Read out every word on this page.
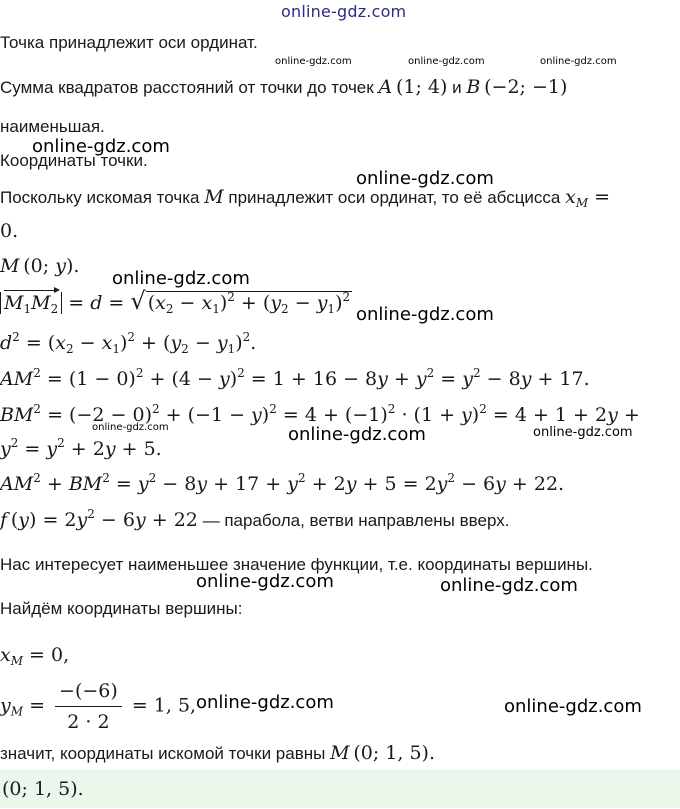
online-gdz.com
Точка принадлежит оси ординат.
online-gdz.com	online-gdz.com	online-gdz.com
Сумма квадратов расстояний от точки до точек A (1; 4) и B (−2; −1)
наименьшая.
Координаты точки.
online-gdz.com
online-gdz.com
Поскольку искомая точка M принадлежит оси ординат, то её абсцисса $x_M$ =
0.
M (0; y).
online-gdz.com
$M_1M_2 = d$ = √ $(x_2 - x_1)^2 + (y_2 - y_1)^2$
online-gdz.com
$d^2 = (x_2 - x_1)^2 + (y_2 - y_1)^2$.
$AM^2 = (1 - 0)^2 + (4 - y)^2 = 1 + 16 - 8y + y^2 = y^2 - 8y + 17$.
$BM^2 = (-2 - 0)^2 + (-1 - y)^2 = 4 + (-1)^2 \cdot (1 + y)^2 = 4 + 1 + 2y$ +
$y^2 = y^2 + 2y + 5$.
online-gdz.com	online-gdz.com	online-gdz.com
$AM^2 + BM^2 = y^2 - 8y + 17 + y^2 + 2y + 5 = 2y^2 - 6y + 22$.
f $(y) = 2y^2 - 6y + 22$ — парабола, ветви направлены вверх.
Нас интересует наименьшее значение функции, т.е. координаты вершины.
online-gdz.com	online-gdz.com
Найдём координаты вершины:
$x_M = 0$,
$y_M = \frac{-(-6)}{2 \cdot 2} = 1$, 5, online-gdz.com	online-gdz.com
значит, координаты искомой точки равны M (0; 1, 5).
(0; 1, 5).
